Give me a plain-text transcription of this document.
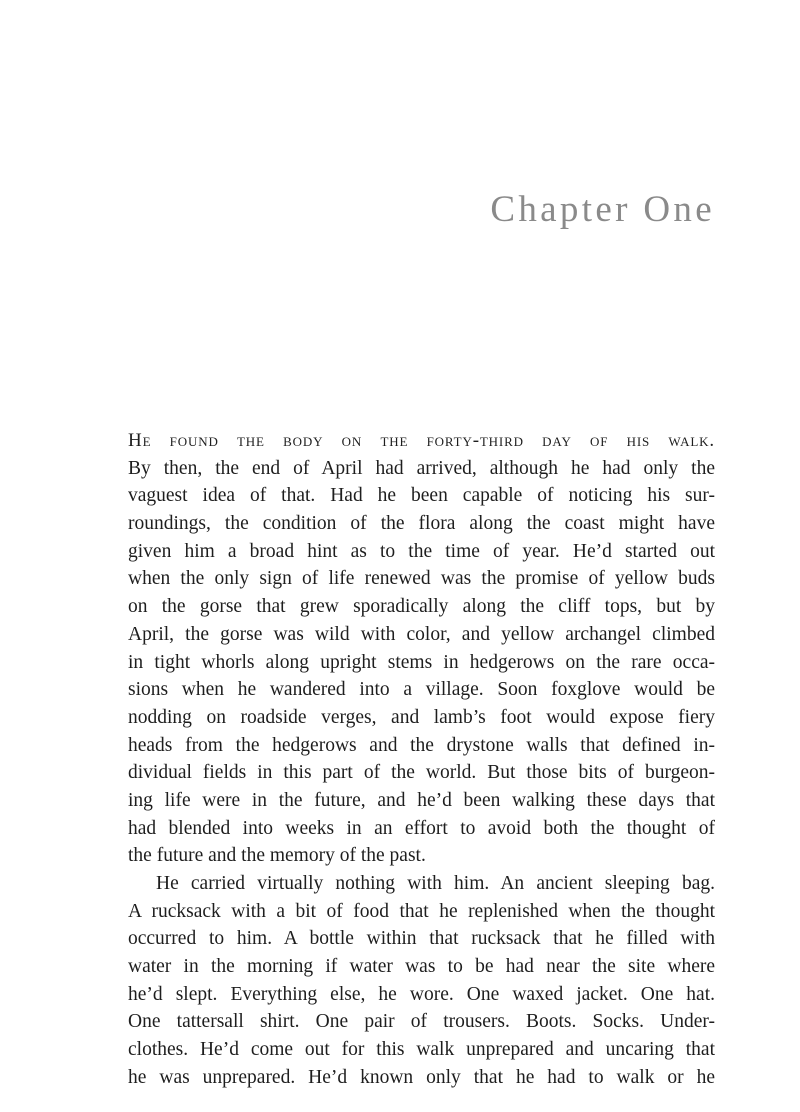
Chapter One
He found the body on the forty-third day of his walk.
By then, the end of April had arrived, although he had only the
vaguest idea of that. Had he been capable of noticing his sur-
roundings, the condition of the flora along the coast might have
given him a broad hint as to the time of year. He’d started out
when the only sign of life renewed was the promise of yellow buds
on the gorse that grew sporadically along the cliff tops, but by
April, the gorse was wild with color, and yellow archangel climbed
in tight whorls along upright stems in hedgerows on the rare occa-
sions when he wandered into a village. Soon foxglove would be
nodding on roadside verges, and lamb’s foot would expose fiery
heads from the hedgerows and the drystone walls that defined in-
dividual fields in this part of the world. But those bits of burgeon-
ing life were in the future, and he’d been walking these days that
had blended into weeks in an effort to avoid both the thought of
the future and the memory of the past.
He carried virtually nothing with him. An ancient sleeping bag.
A rucksack with a bit of food that he replenished when the thought
occurred to him. A bottle within that rucksack that he filled with
water in the morning if water was to be had near the site where
he’d slept. Everything else, he wore. One waxed jacket. One hat.
One tattersall shirt. One pair of trousers. Boots. Socks. Under-
clothes. He’d come out for this walk unprepared and uncaring that
he was unprepared. He’d known only that he had to walk or he
